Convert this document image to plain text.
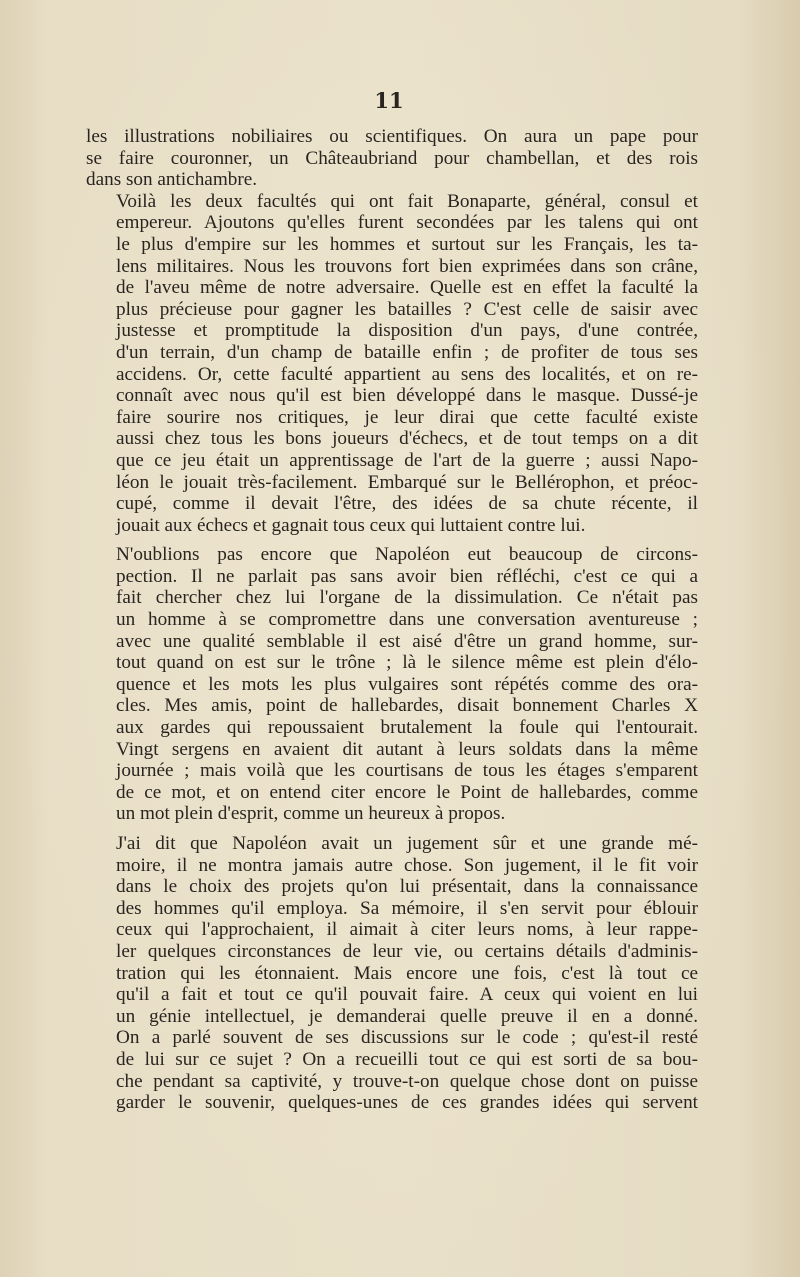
11

les illustrations nobiliaires ou scientifiques. On aura un pape pour
se faire couronner, un Châteaubriand pour chambellan, et des rois
dans son antichambre.

Voilà les deux facultés qui ont fait Bonaparte, général, consul et
empereur. Ajoutons qu'elles furent secondées par les talens qui ont
le plus d'empire sur les hommes et surtout sur les Français, les ta-
lens militaires. Nous les trouvons fort bien exprimées dans son crâne,
de l'aveu même de notre adversaire. Quelle est en effet la faculté la
plus précieuse pour gagner les batailles ? C'est celle de saisir avec
justesse et promptitude la disposition d'un pays, d'une contrée,
d'un terrain, d'un champ de bataille enfin ; de profiter de tous ses
accidens. Or, cette faculté appartient au sens des localités, et on re-
connaît avec nous qu'il est bien développé dans le masque. Dussé-je
faire sourire nos critiques, je leur dirai que cette faculté existe
aussi chez tous les bons joueurs d'échecs, et de tout temps on a dit
que ce jeu était un apprentissage de l'art de la guerre ; aussi Napo-
léon le jouait très-facilement. Embarqué sur le Bellérophon, et préoc-
cupé, comme il devait l'être, des idées de sa chute récente, il
jouait aux échecs et gagnait tous ceux qui luttaient contre lui.

N'oublions pas encore que Napoléon eut beaucoup de circons-
pection. Il ne parlait pas sans avoir bien réfléchi, c'est ce qui a
fait chercher chez lui l'organe de la dissimulation. Ce n'était pas
un homme à se compromettre dans une conversation aventureuse ;
avec une qualité semblable il est aisé d'être un grand homme, sur-
tout quand on est sur le trône ; là le silence même est plein d'élo-
quence et les mots les plus vulgaires sont répétés comme des ora-
cles. Mes amis, point de hallebardes, disait bonnement Charles X
aux gardes qui repoussaient brutalement la foule qui l'entourait.
Vingt sergens en avaient dit autant à leurs soldats dans la même
journée ; mais voilà que les courtisans de tous les étages s'emparent
de ce mot, et on entend citer encore le Point de hallebardes, comme
un mot plein d'esprit, comme un heureux à propos.

J'ai dit que Napoléon avait un jugement sûr et une grande mé-
moire, il ne montra jamais autre chose. Son jugement, il le fit voir
dans le choix des projets qu'on lui présentait, dans la connaissance
des hommes qu'il employa. Sa mémoire, il s'en servit pour éblouir
ceux qui l'approchaient, il aimait à citer leurs noms, à leur rappe-
ler quelques circonstances de leur vie, ou certains détails d'adminis-
tration qui les étonnaient. Mais encore une fois, c'est là tout ce
qu'il a fait et tout ce qu'il pouvait faire. A ceux qui voient en lui
un génie intellectuel, je demanderai quelle preuve il en a donné.
On a parlé souvent de ses discussions sur le code ; qu'est-il resté
de lui sur ce sujet ? On a recueilli tout ce qui est sorti de sa bou-
che pendant sa captivité, y trouve-t-on quelque chose dont on puisse
garder le souvenir, quelques-unes de ces grandes idées qui servent
